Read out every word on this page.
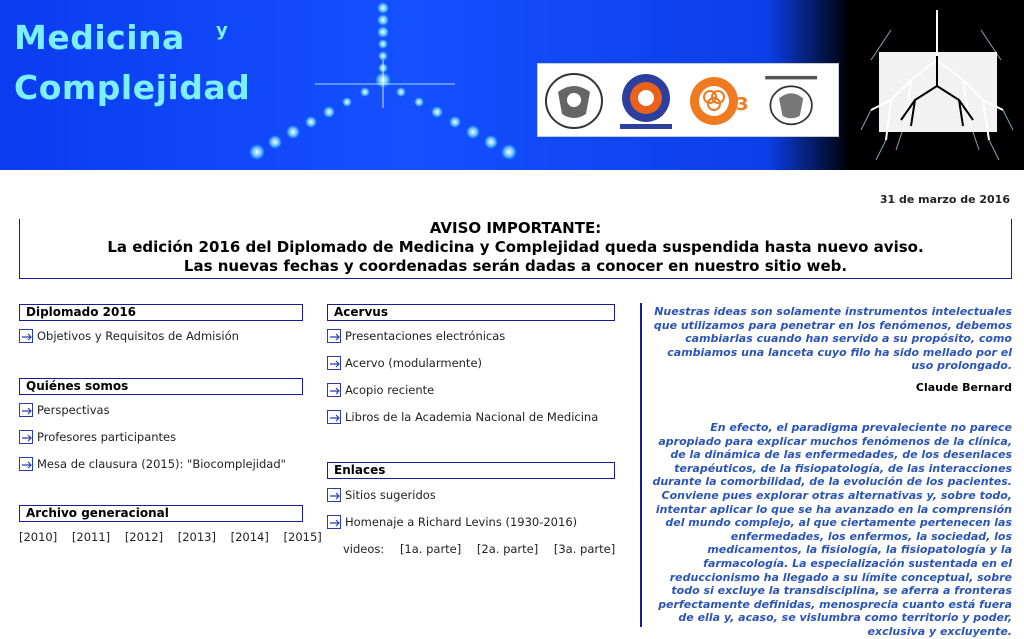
Medicina y
Complejidad	3
31 de marzo de 2016
AVISO IMPORTANTE:
La edición 2016 del Diplomado de Medicina y Complejidad queda suspendida hasta nuevo aviso.
Las nuevas fechas y coordenadas serán dadas a conocer en nuestro sitio web.
Diplomado 2016
Objetivos y Requisitos de Admisión
Quiénes somos
Perspectivas
Profesores participantes
Mesa de clausura (2015): "Biocomplejidad"
Archivo generacional
[2010] [2011] [2012] [2013] [2014] [2015]
Acervus
Presentaciones electrónicas
Acervo (modularmente)
Acopio reciente
Libros de la Academia Nacional de Medicina
Enlaces
Sitios sugeridos
Homenaje a Richard Levins (1930-2016)
videos: [1a. parte] [2a. parte] [3a. parte]
Nuestras ideas son solamente instrumentos intelectuales que utilizamos para penetrar en los fenómenos, debemos cambiarlas cuando han servido a su propósito, como cambiamos una lanceta cuyo filo ha sido mellado por el uso prolongado.
Claude Bernard
En efecto, el paradigma prevaleciente no parece apropiado para explicar muchos fenómenos de la clínica, de la dinámica de las enfermedades, de los desenlaces terapéuticos, de la fisiopatología, de las interacciones durante la comorbilidad, de la evolución de los pacientes. Conviene pues explorar otras alternativas y, sobre todo, intentar aplicar lo que se ha avanzado en la comprensión del mundo complejo, al que ciertamente pertenecen las enfermedades, los enfermos, la sociedad, los medicamentos, la fisiología, la fisiopatología y la farmacología. La especialización sustentada en el reduccionismo ha llegado a su límite conceptual, sobre todo si excluye la transdisciplina, se aferra a fronteras perfectamente definidas, menosprecia cuanto está fuera de ella y, acaso, se vislumbra como territorio y poder, exclusiva y excluyente.
